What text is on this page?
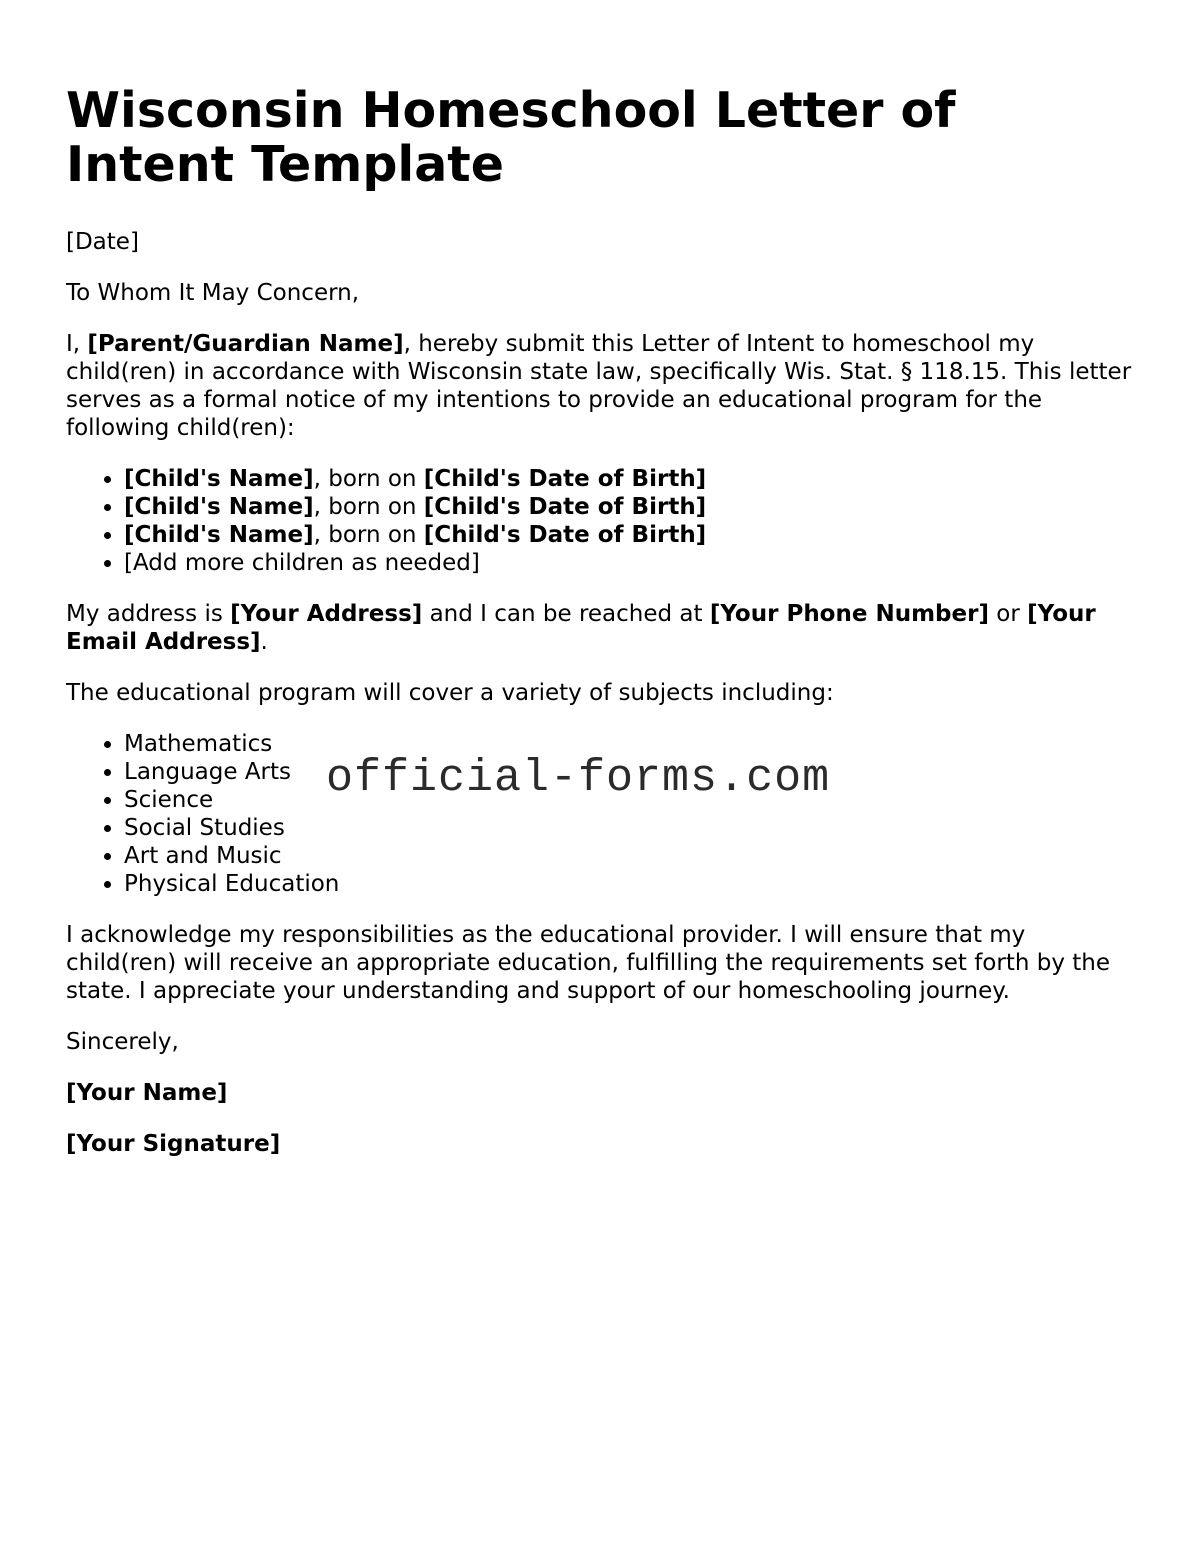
Wisconsin Homeschool Letter of Intent Template

[Date]

To Whom It May Concern,

I, [Parent/Guardian Name], hereby submit this Letter of Intent to homeschool my child(ren) in accordance with Wisconsin state law, specifically Wis. Stat. § 118.15. This letter serves as a formal notice of my intentions to provide an educational program for the following child(ren):

• [Child's Name], born on [Child's Date of Birth]
• [Child's Name], born on [Child's Date of Birth]
• [Child's Name], born on [Child's Date of Birth]
• [Add more children as needed]

My address is [Your Address] and I can be reached at [Your Phone Number] or [Your Email Address].

The educational program will cover a variety of subjects including:

• Mathematics
• Language Arts
• Science
• Social Studies
• Art and Music
• Physical Education

I acknowledge my responsibilities as the educational provider. I will ensure that my child(ren) will receive an appropriate education, fulfilling the requirements set forth by the state. I appreciate your understanding and support of our homeschooling journey.

Sincerely,

[Your Name]

[Your Signature]

official-forms.com
